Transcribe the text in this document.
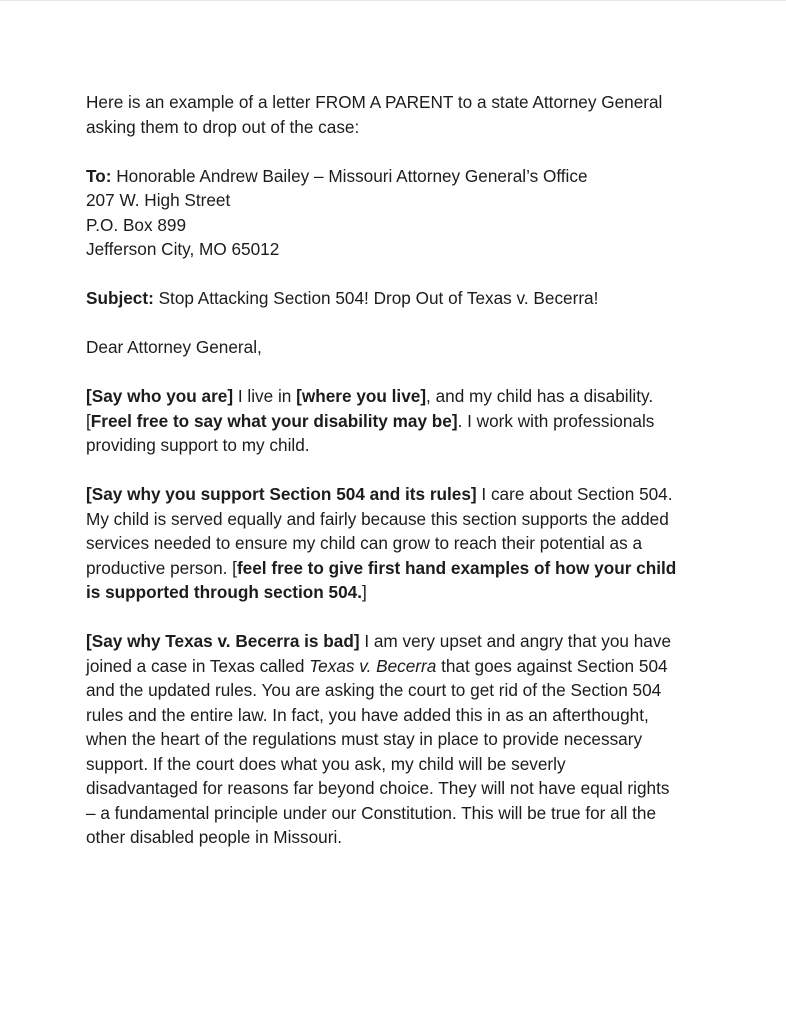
Here is an example of a letter FROM A PARENT to a state Attorney General

asking them to drop out of the case:

To: Honorable Andrew Bailey – Missouri Attorney General’s Office

207 W. High Street

P.O. Box 899

Jefferson City, MO 65012

Subject: Stop Attacking Section 504! Drop Out of Texas v. Becerra!

Dear Attorney General,

[Say who you are] I live in [where you live], and my child has a disability.

[Freel free to say what your disability may be]. I work with professionals

providing support to my child.

[Say why you support Section 504 and its rules] I care about Section 504.

My child is served equally and fairly because this section supports the added

services needed to ensure my child can grow to reach their potential as a

productive person. [feel free to give first hand examples of how your child

is supported through section 504.]

[Say why Texas v. Becerra is bad] I am very upset and angry that you have

joined a case in Texas called Texas v. Becerra that goes against Section 504

and the updated rules. You are asking the court to get rid of the Section 504

rules and the entire law. In fact, you have added this in as an afterthought,

when the heart of the regulations must stay in place to provide necessary

support. If the court does what you ask, my child will be severly

disadvantaged for reasons far beyond choice. They will not have equal rights

– a fundamental principle under our Constitution. This will be true for all the

other disabled people in Missouri.
